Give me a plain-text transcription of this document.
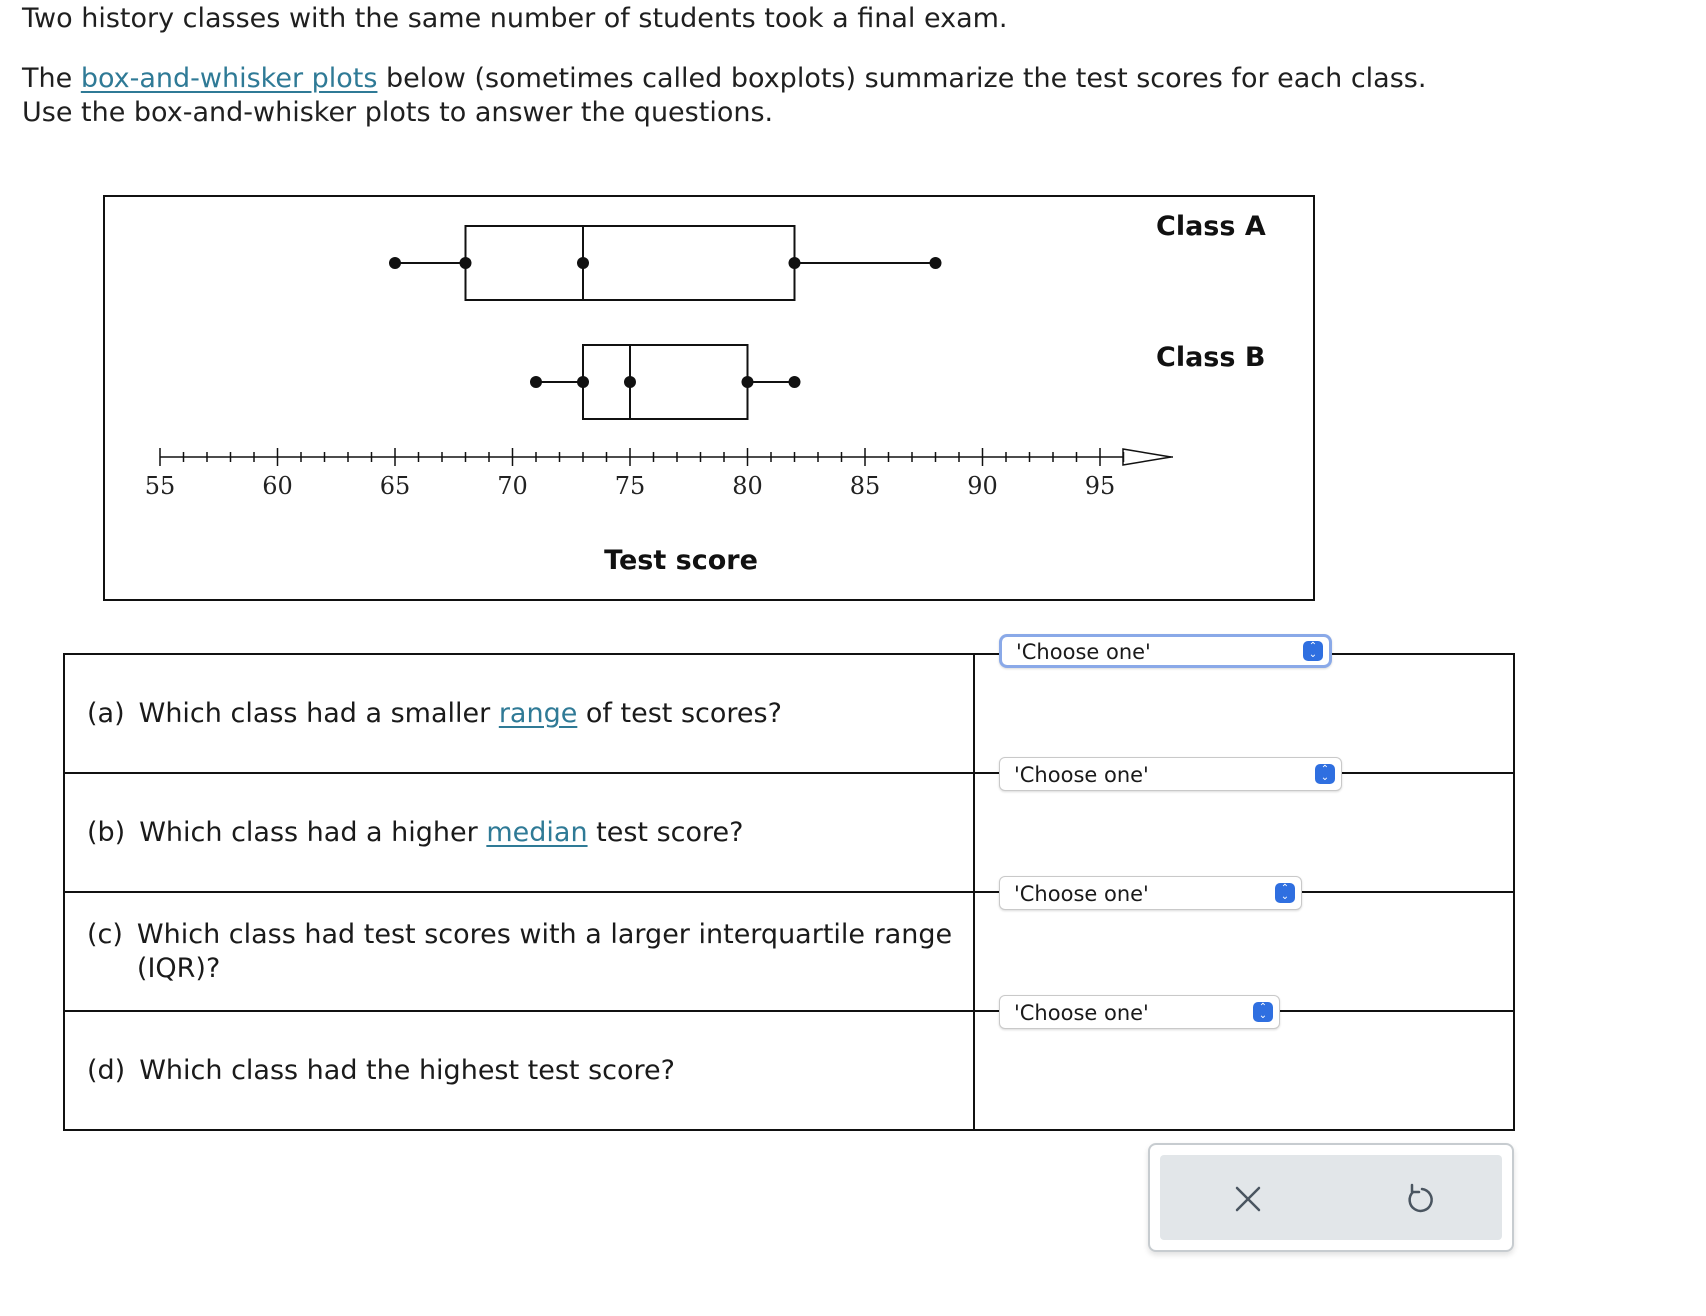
Two history classes with the same number of students took a final exam.
The box-and-whisker plots below (sometimes called boxplots) summarize the test scores for each class.
Use the box-and-whisker plots to answer the questions.
55	60	65	70	75	80	85	90	95
Class A
Class B
Test score
(a) Which class had a smaller range of test scores?	'Choose one' ⌃
⌄

(b) Which class had a higher median test score?	'Choose one' ⌃
⌄

(c) Which class had test scores with a larger interquartile range (IQR)?	'Choose one' ⌃
⌄

(d) Which class had the highest test score?	'Choose one' ⌃
⌄
